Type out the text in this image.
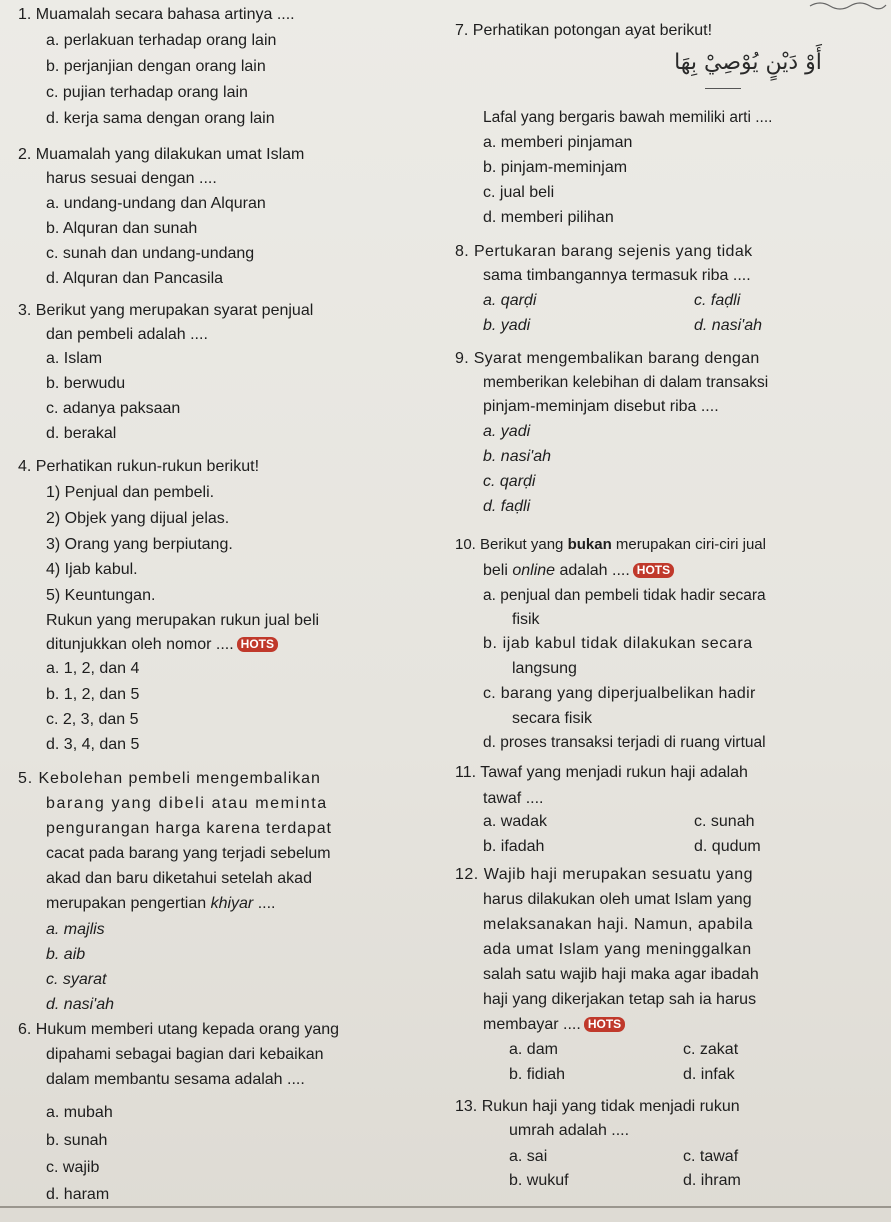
1. Muamalah secara bahasa artinya ....
a. perlakuan terhadap orang lain
b. perjanjian dengan orang lain
c. pujian terhadap orang lain
d. kerja sama dengan orang lain
2. Muamalah yang dilakukan umat Islam
harus sesuai dengan ....
a. undang-undang dan Alquran
b. Alquran dan sunah
c. sunah dan undang-undang
d. Alquran dan Pancasila
3. Berikut yang merupakan syarat penjual
dan pembeli adalah ....
a. Islam
b. berwudu
c. adanya paksaan
d. berakal
4. Perhatikan rukun-rukun berikut!
1) Penjual dan pembeli.
2) Objek yang dijual jelas.
3) Orang yang berpiutang.
4) Ijab kabul.
5) Keuntungan.
Rukun yang merupakan rukun jual beli
ditunjukkan oleh nomor .... HOTS
a. 1, 2, dan 4
b. 1, 2, dan 5
c. 2, 3, dan 5
d. 3, 4, dan 5
5. Kebolehan pembeli mengembalikan
barang yang dibeli atau meminta
pengurangan harga karena terdapat
cacat pada barang yang terjadi sebelum
akad dan baru diketahui setelah akad
merupakan pengertian khiyar ....
a. majlis
b. aib
c. syarat
d. nasi'ah
6. Hukum memberi utang kepada orang yang
dipahami sebagai bagian dari kebaikan
dalam membantu sesama adalah ....
a. mubah
b. sunah
c. wajib
d. haram
7. Perhatikan potongan ayat berikut!
أَوْ دَيْنٍ يُوْصِيْ بِهَا
Lafal yang bergaris bawah memiliki arti ....
a. memberi pinjaman
b. pinjam-meminjam
c. jual beli
d. memberi pilihan
8. Pertukaran barang sejenis yang tidak
sama timbangannya termasuk riba ....
a. qarḍi
b. yadi
c. faḍli
d. nasi'ah
9. Syarat mengembalikan barang dengan
memberikan kelebihan di dalam transaksi
pinjam-meminjam disebut riba ....
a. yadi
b. nasi'ah
c. qarḍi
d. faḍli
10. Berikut yang bukan merupakan ciri-ciri jual
beli online adalah .... HOTS
a. penjual dan pembeli tidak hadir secara
fisik
b. ijab kabul tidak dilakukan secara
langsung
c. barang yang diperjualbelikan hadir
secara fisik
d. proses transaksi terjadi di ruang virtual
11. Tawaf yang menjadi rukun haji adalah
tawaf ....
a. wadak
b. ifadah
c. sunah
d. qudum
12. Wajib haji merupakan sesuatu yang
harus dilakukan oleh umat Islam yang
melaksanakan haji. Namun, apabila
ada umat Islam yang meninggalkan
salah satu wajib haji maka agar ibadah
haji yang dikerjakan tetap sah ia harus
membayar .... HOTS
a. dam
b. fidiah
c. zakat
d. infak
13. Rukun haji yang tidak menjadi rukun
umrah adalah ....
a. sai
b. wukuf
c. tawaf
d. ihram
